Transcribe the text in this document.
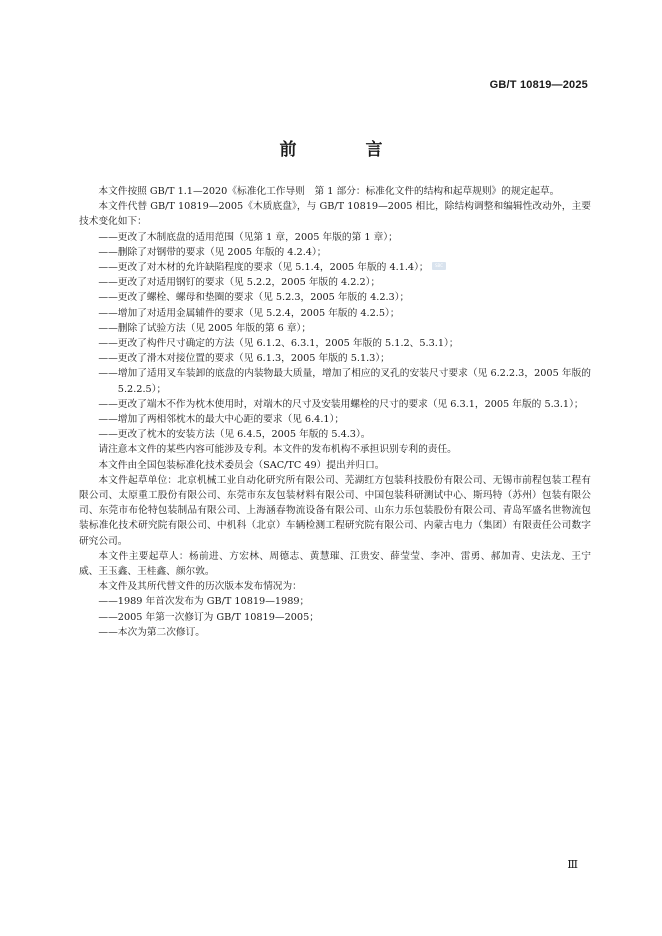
GB/T 10819—2025
前　言
SBC

本文件按照 GB/T 1.1—2020《标准化工作导则　第 1 部分：标准化文件的结构和起草规则》的规定起草。

本文件代替 GB/T 10819—2005《木质底盘》，与 GB/T 10819—2005 相比，除结构调整和编辑性改动外，主要技术变化如下：

——更改了木制底盘的适用范围（见第 1 章，2005 年版的第 1 章）；

——删除了对钢带的要求（见 2005 年版的 4.2.4）；

——更改了对木材的允许缺陷程度的要求（见 5.1.4，2005 年版的 4.1.4）；

——更改了对适用钢钉的要求（见 5.2.2，2005 年版的 4.2.2）；

——更改了螺栓、螺母和垫圈的要求（见 5.2.3，2005 年版的 4.2.3）；

——增加了对适用金属辅件的要求（见 5.2.4，2005 年版的 4.2.5）；

——删除了试验方法（见 2005 年版的第 6 章）；

——更改了构件尺寸确定的方法（见 6.1.2、6.3.1，2005 年版的 5.1.2、5.3.1）；

——更改了滑木对接位置的要求（见 6.1.3，2005 年版的 5.1.3）；

——增加了适用叉车装卸的底盘的内装物最大质量，增加了相应的叉孔的安装尺寸要求（见 6.2.2.3，2005 年版的 5.2.2.5）；

——更改了端木不作为枕木使用时，对端木的尺寸及安装用螺栓的尺寸的要求（见 6.3.1，2005 年版的 5.3.1）；

——增加了两相邻枕木的最大中心距的要求（见 6.4.1）；

——更改了枕木的安装方法（见 6.4.5，2005 年版的 5.4.3）。

请注意本文件的某些内容可能涉及专利。本文件的发布机构不承担识别专利的责任。

本文件由全国包装标准化技术委员会（SAC/TC 49）提出并归口。

本文件起草单位：北京机械工业自动化研究所有限公司、芜湖红方包装科技股份有限公司、无锡市前程包装工程有限公司、太原重工股份有限公司、东莞市东友包装材料有限公司、中国包装科研测试中心、斯玛特（苏州）包装有限公司、东莞市布伦特包装制品有限公司、上海涵春物流设备有限公司、山东力乐包装股份有限公司、青岛军盛名世物流包装标准化技术研究院有限公司、中机科（北京）车辆检测工程研究院有限公司、内蒙古电力（集团）有限责任公司数字研究公司。

本文件主要起草人：杨前进、方宏林、周德志、黄慧璀、江贵安、薛莹莹、李冲、雷勇、郝加青、史法龙、王宁威、王玉鑫、王桂鑫、颜尔敦。

本文件及其所代替文件的历次版本发布情况为：

——1989 年首次发布为 GB/T 10819—1989；

——2005 年第一次修订为 GB/T 10819—2005；

——本次为第二次修订。

Ⅲ
